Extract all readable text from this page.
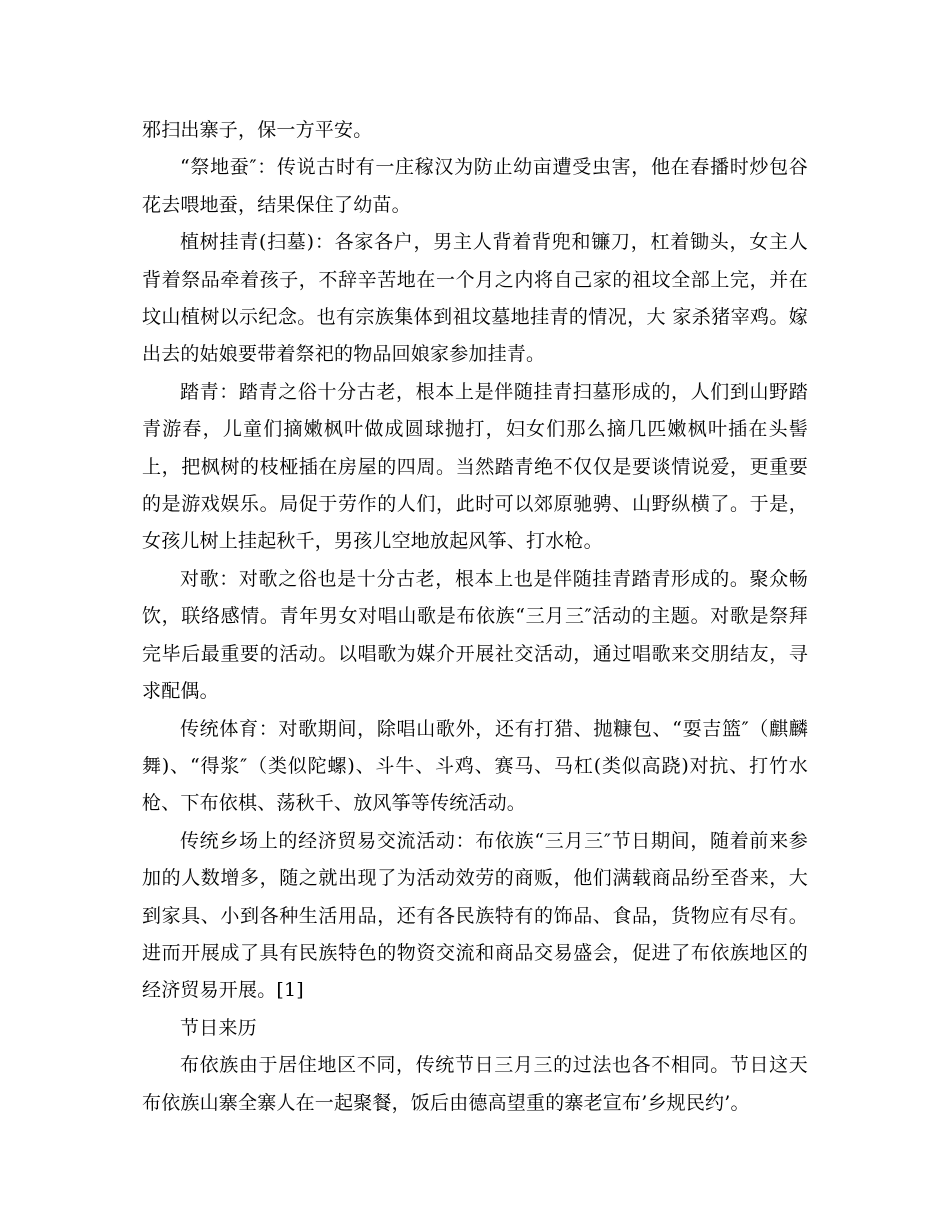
邪扫出寨子，保一方平安。

“祭地蚕″：传说古时有一庄稼汉为防止幼亩遭受虫害，他在春播时炒包谷花去喂地蚕，结果保住了幼苗。

植树挂青(扫墓)：各家各户，男主人背着背兜和镰刀，杠着锄头，女主人背着祭品牵着孩子，不辞辛苦地在一个月之内将自己家的祖坟全部上完，并在坟山植树以示纪念。也有宗族集体到祖坟墓地挂青的情况，大 家杀猪宰鸡。嫁出去的姑娘要带着祭祀的物品回娘家参加挂青。

踏青：踏青之俗十分古老，根本上是伴随挂青扫墓形成的，人们到山野踏青游春，儿童们摘嫩枫叶做成圆球抛打，妇女们那么摘几匹嫩枫叶插在头髻上，把枫树的枝桠插在房屋的四周。当然踏青绝不仅仅是要谈情说爱，更重要的是游戏娱乐。局促于劳作的人们，此时可以郊原驰骋、山野纵横了。于是，女孩儿树上挂起秋千，男孩儿空地放起风筝、打水枪。

对歌：对歌之俗也是十分古老，根本上也是伴随挂青踏青形成的。聚众畅饮，联络感情。青年男女对唱山歌是布依族“三月三″活动的主题。对歌是祭拜完毕后最重要的活动。以唱歌为媒介开展社交活动，通过唱歌来交朋结友，寻求配偶。

传统体育：对歌期间，除唱山歌外，还有打猎、抛糠包、“耍吉篮″（麒麟舞)、“得浆″（类似陀螺)、斗牛、斗鸡、赛马、马杠(类似高跷)对抗、打竹水枪、下布依棋、荡秋千、放风筝等传统活动。

传统乡场上的经济贸易交流活动：布依族“三月三″节日期间，随着前来参加的人数增多，随之就出现了为活动效劳的商贩，他们满载商品纷至沓来，大到家具、小到各种生活用品，还有各民族特有的饰品、食品，货物应有尽有。进而开展成了具有民族特色的物资交流和商品交易盛会，促进了布依族地区的经济贸易开展。[1]

节日来历

布依族由于居住地区不同，传统节日三月三的过法也各不相同。节日这天布依族山寨全寨人在一起聚餐，饭后由德高望重的寨老宣布’乡规民约’。
